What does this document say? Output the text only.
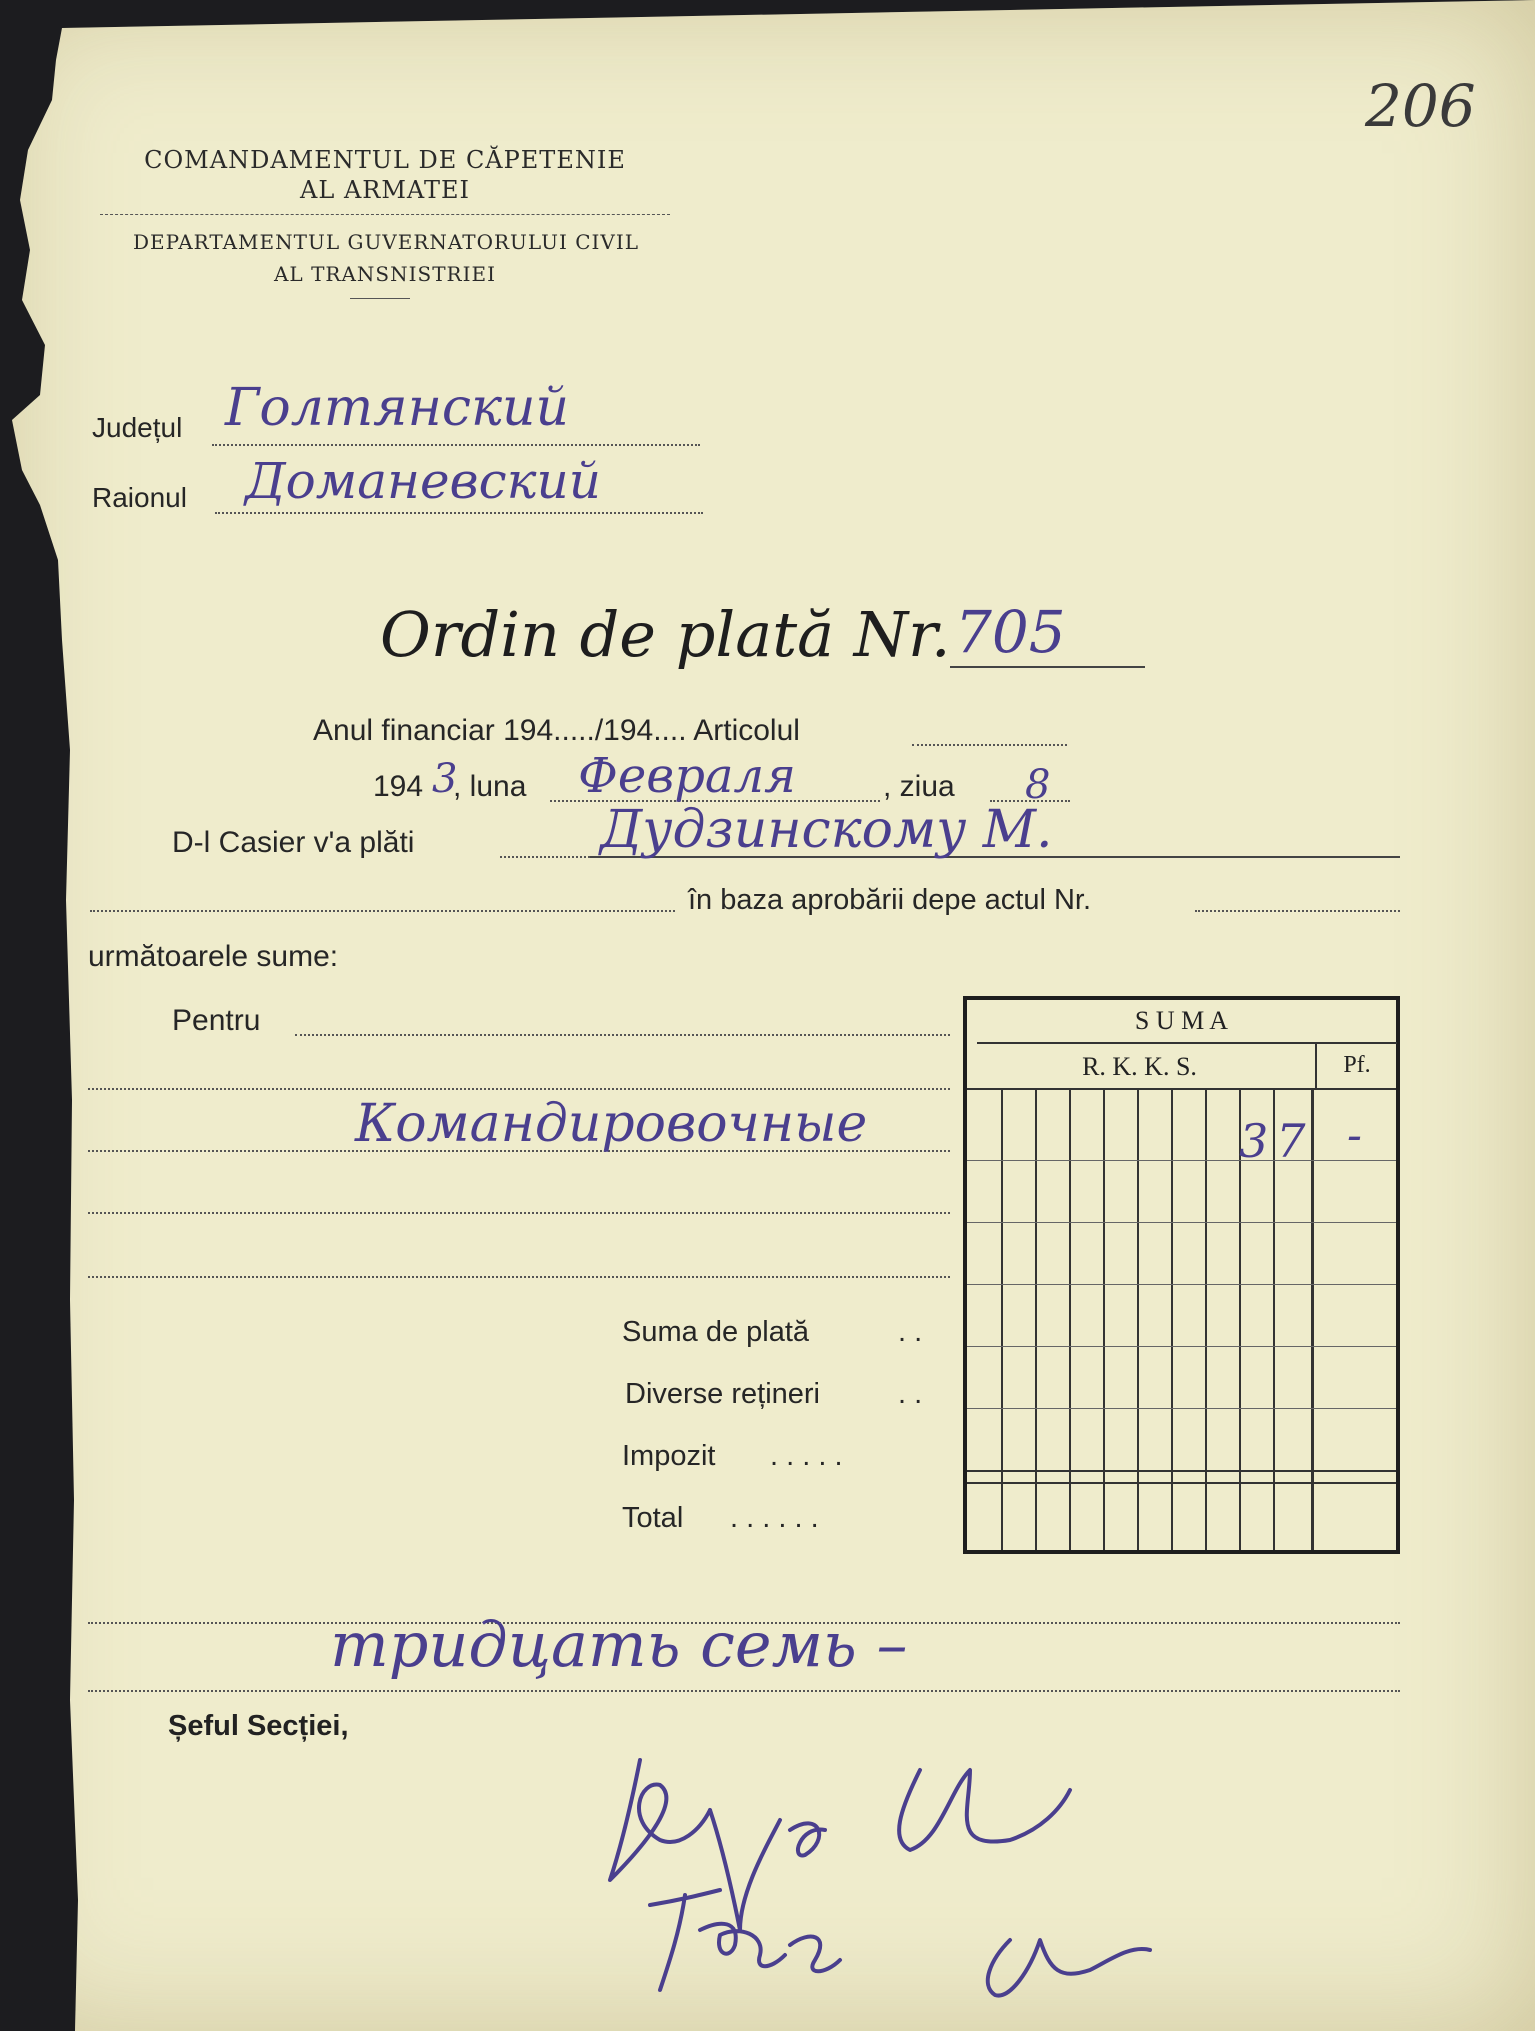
206
COMANDAMENTUL DE CĂPETENIE
AL ARMATEI
DEPARTAMENTUL GUVERNATORULUI CIVIL
AL TRANSNISTRIEI
Județul Голтянский
Raionul Доманевский
Ordin de plată Nr. 705
Anul financiar 194...../194.... Articolul
194 3
, luna Февраля	, ziua 8
D-l Casier v'a plăti	Дудзинскому М.
în baza aprobării depe actul Nr.
următoarele sume:
Pentru
Командировочные
Suma de plată	. .
Diverse rețineri	. .
Impozit . . . . .
Total . . . . . .
S U M A
R. K. K. S.	Pf.
37 -
тридцать семь –
Șeful Secției,
